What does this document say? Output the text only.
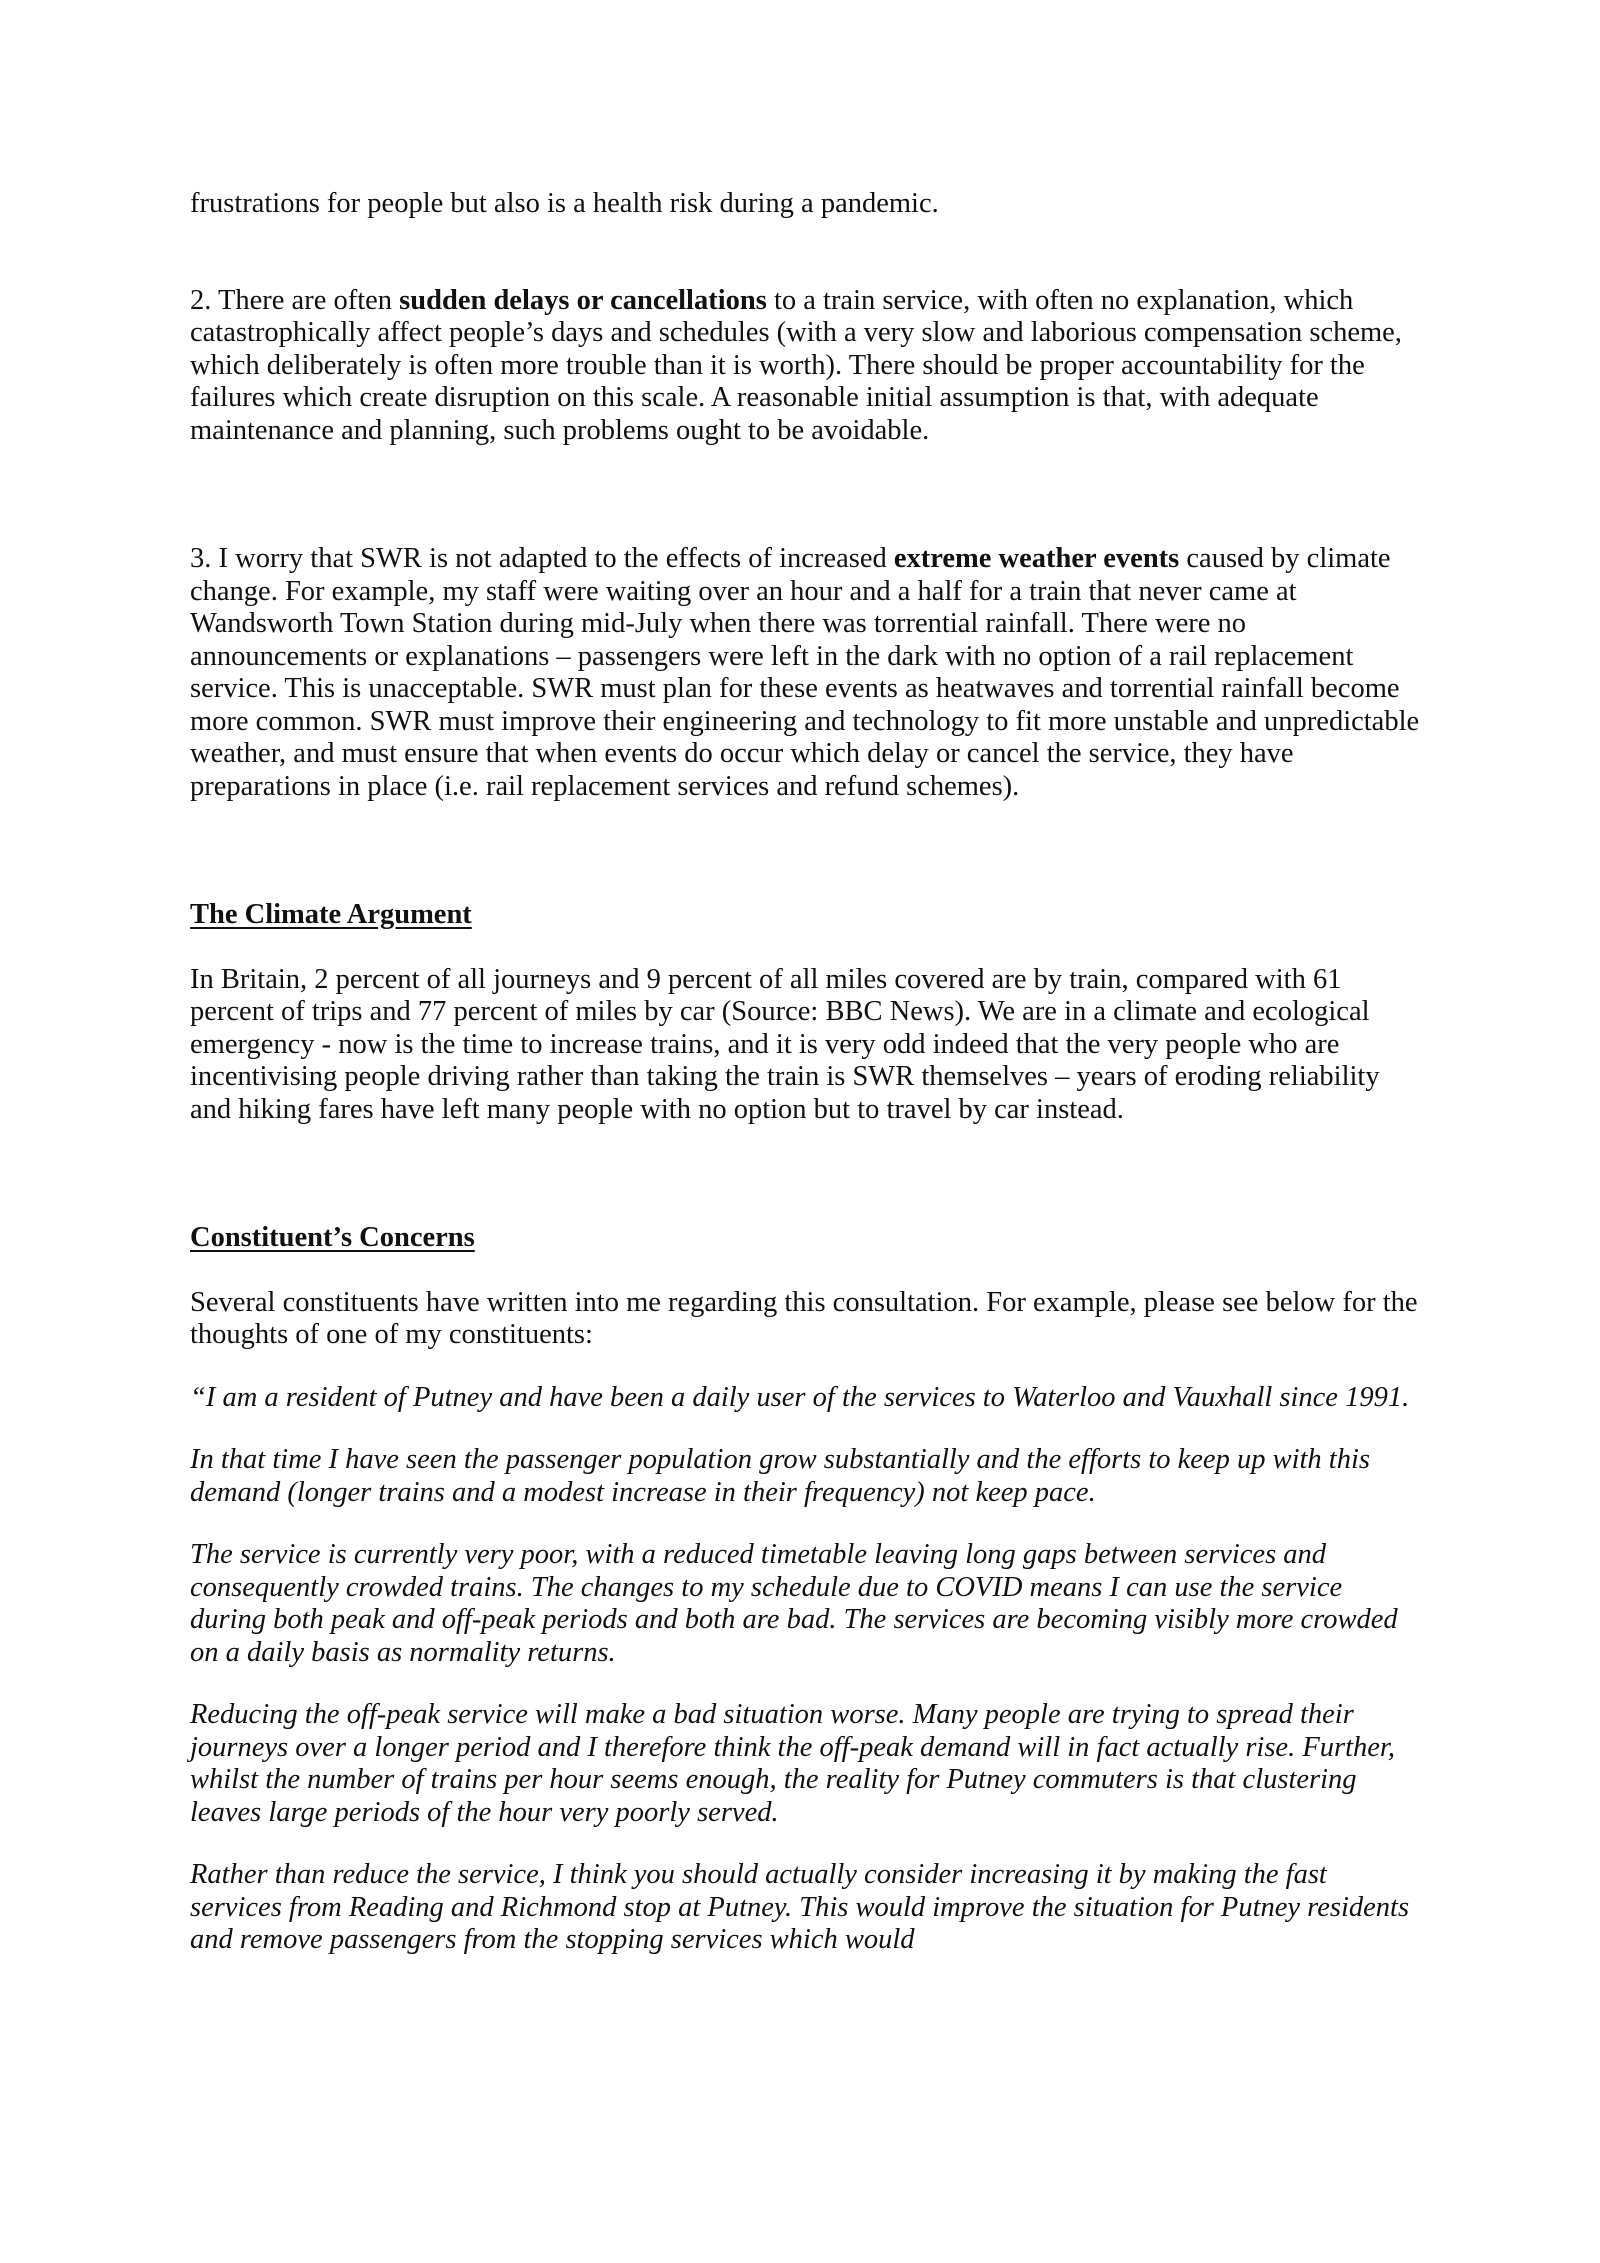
frustrations for people but also is a health risk during a pandemic.

2. There are often sudden delays or cancellations to a train service, with often no explanation, which catastrophically affect people’s days and schedules (with a very slow and laborious compensation scheme, which deliberately is often more trouble than it is worth). There should be proper accountability for the failures which create disruption on this scale. A reasonable initial assumption is that, with adequate maintenance and planning, such problems ought to be avoidable.

3. I worry that SWR is not adapted to the effects of increased extreme weather events caused by climate change. For example, my staff were waiting over an hour and a half for a train that never came at Wandsworth Town Station during mid-July when there was torrential rainfall. There were no announcements or explanations – passengers were left in the dark with no option of a rail replacement service. This is unacceptable. SWR must plan for these events as heatwaves and torrential rainfall become more common. SWR must improve their engineering and technology to fit more unstable and unpredictable weather, and must ensure that when events do occur which delay or cancel the service, they have preparations in place (i.e. rail replacement services and refund schemes).

The Climate Argument

In Britain, 2 percent of all journeys and 9 percent of all miles covered are by train, compared with 61 percent of trips and 77 percent of miles by car (Source: BBC News). We are in a climate and ecological emergency - now is the time to increase trains, and it is very odd indeed that the very people who are incentivising people driving rather than taking the train is SWR themselves – years of eroding reliability and hiking fares have left many people with no option but to travel by car instead.

Constituent’s Concerns

Several constituents have written into me regarding this consultation. For example, please see below for the thoughts of one of my constituents:

“I am a resident of Putney and have been a daily user of the services to Waterloo and Vauxhall since 1991.

In that time I have seen the passenger population grow substantially and the efforts to keep up with this demand (longer trains and a modest increase in their frequency) not keep pace.

The service is currently very poor, with a reduced timetable leaving long gaps between services and consequently crowded trains. The changes to my schedule due to COVID means I can use the service during both peak and off-peak periods and both are bad. The services are becoming visibly more crowded on a daily basis as normality returns.

Reducing the off-peak service will make a bad situation worse. Many people are trying to spread their journeys over a longer period and I therefore think the off-peak demand will in fact actually rise. Further, whilst the number of trains per hour seems enough, the reality for Putney commuters is that clustering leaves large periods of the hour very poorly served.

Rather than reduce the service, I think you should actually consider increasing it by making the fast services from Reading and Richmond stop at Putney. This would improve the situation for Putney residents and remove passengers from the stopping services which would
